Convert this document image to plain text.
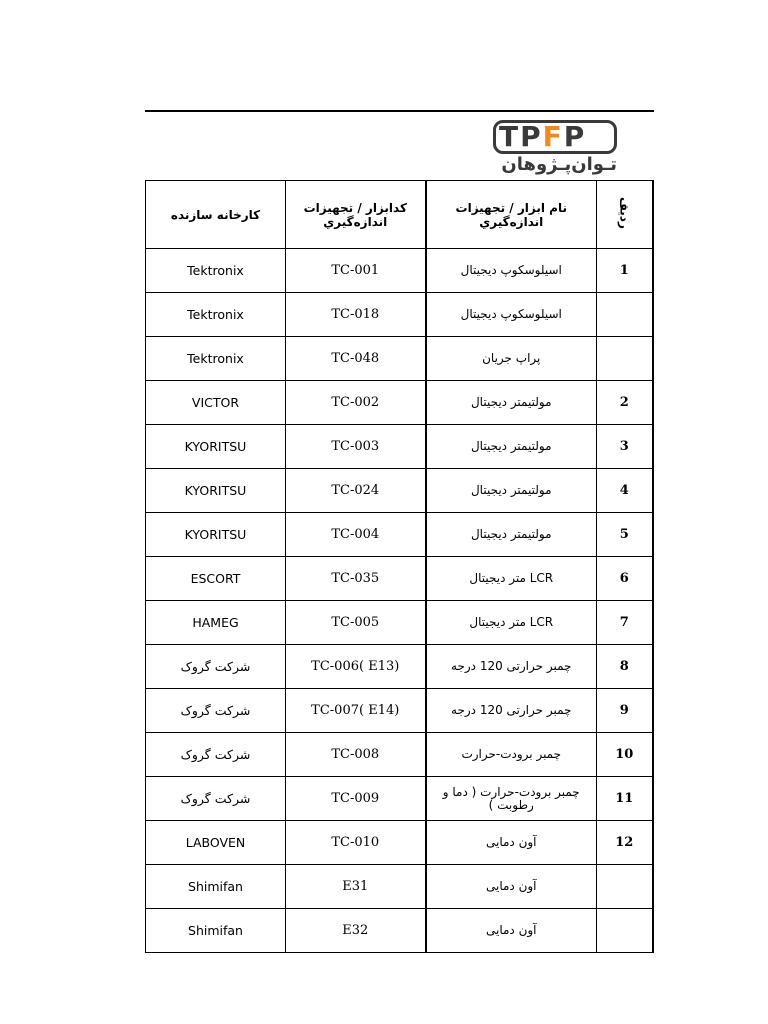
TPFP
تـوان‌پـژوهان
ردیف	نام ابزار / تجهیزات اندازه‌گیري	کدابزار / تجهیزات اندازه‌گیري	کارخانه سازنده
1	اسیلوسکوپ دیجیتال	TC-001	Tektronix
	اسیلوسکوپ دیجیتال	TC-018	Tektronix
	پراپ جریان	TC-048	Tektronix
2	مولتیمتر دیجیتال	TC-002	VICTOR
3	مولتیمتر دیجیتال	TC-003	KYORITSU
4	مولتیمتر دیجیتال	TC-024	KYORITSU
5	مولتیمتر دیجیتال	TC-004	KYORITSU
6	LCR متر دیجیتال	TC-035	ESCORT
7	LCR متر دیجیتال	TC-005	HAMEG
8	چمبر حرارتی 120 درجه	TC-006( E13)	شرکت گروک
9	چمبر حرارتی 120 درجه	TC-007( E14)	شرکت گروک
10	چمبر برودت-حرارت	TC-008	شرکت گروک
11	چمبر برودت-حرارت ( دما و رطوبت )	TC-009	شرکت گروک
12	آون دمایی	TC-010	LABOVEN
	آون دمایی	E31	Shimifan
	آون دمایی	E32	Shimifan
